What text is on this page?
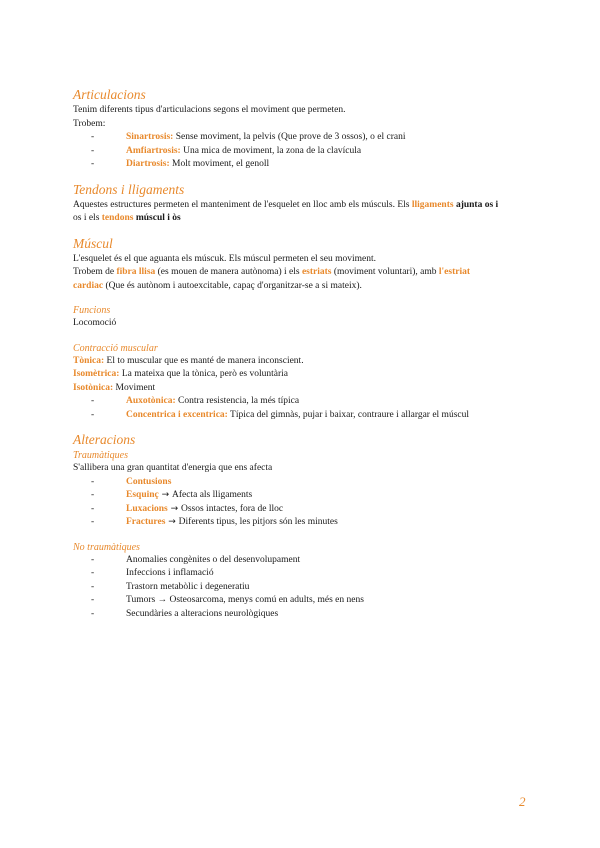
Articulacions

Tenim diferents tipus d'articulacions segons el moviment que permeten.

Trobem:

-	Sinartrosis: Sense moviment, la pelvis (Que prove de 3 ossos), o el crani
-	Amfiartrosis: Una mica de moviment, la zona de la clavícula
-	Diartrosis: Molt moviment, el genoll
Tendons i lligaments

Aquestes estructures permeten el manteniment de l'esquelet en lloc amb els músculs. Els lligaments ajunta os i
os i els tendons múscul i òs

Múscul

L'esquelet és el que aguanta els múscuk. Els múscul permeten el seu moviment.

Trobem de fibra llisa (es mouen de manera autònoma) i els estriats (moviment voluntari), amb l'estriat
cardiac (Que és autònom i autoexcitable, capaç d'organitzar-se a si mateix).

Funcions

Locomoció

Contracció muscular

Tònica: El to muscular que es manté de manera inconscient.

Isomètrica: La mateixa que la tònica, però es voluntària

Isotònica: Moviment

-	Auxotònica: Contra resistencia, la més típica
-	Concentrica i excentrica: Típica del gimnàs, pujar i baixar, contraure i allargar el múscul
Alteracions
Traumàtiques

S'allibera una gran quantitat d'energia que ens afecta

-	Contusions
-	Esquinç → Afecta als lligaments
-	Luxacions → Ossos intactes, fora de lloc
-	Fractures → Diferents tipus, les pitjors són les minutes
No traumàtiques
-	Anomalies congènites o del desenvolupament
-	Infeccions i inflamació
-	Trastorn metabòlic i degeneratiu
-	Tumors → Osteosarcoma, menys comú en adults, més en nens
-	Secundàries a alteracions neurològiques
2
